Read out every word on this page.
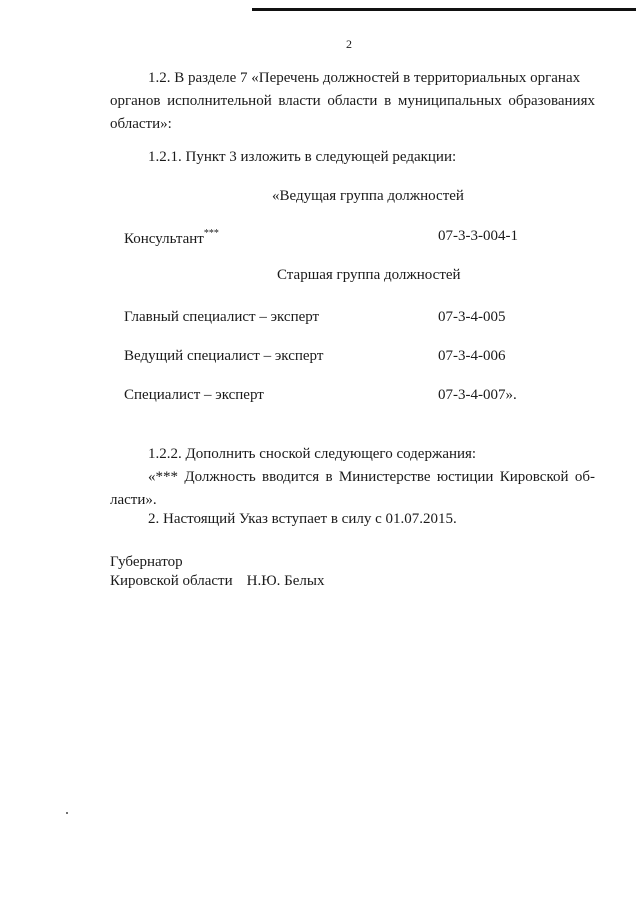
2
1.2. В разделе 7 «Перечень должностей в территориальных органах
органов исполнительной власти области в муниципальных образованиях области»:
1.2.1. Пункт 3 изложить в следующей редакции:
«Ведущая группа должностей
Консультант***	07-3-3-004-1
Старшая группа должностей
Главный специалист – эксперт	07-3-4-005
Ведущий специалист – эксперт	07-3-4-006
Специалист – эксперт	07-3-4-007».
1.2.2. Дополнить сноской следующего содержания:
«*** Должность вводится в Министерстве юстиции Кировской об-
ласти».
2. Настоящий Указ вступает в силу с 01.07.2015.
Губернатор
Кировской области Н.Ю. Белых
